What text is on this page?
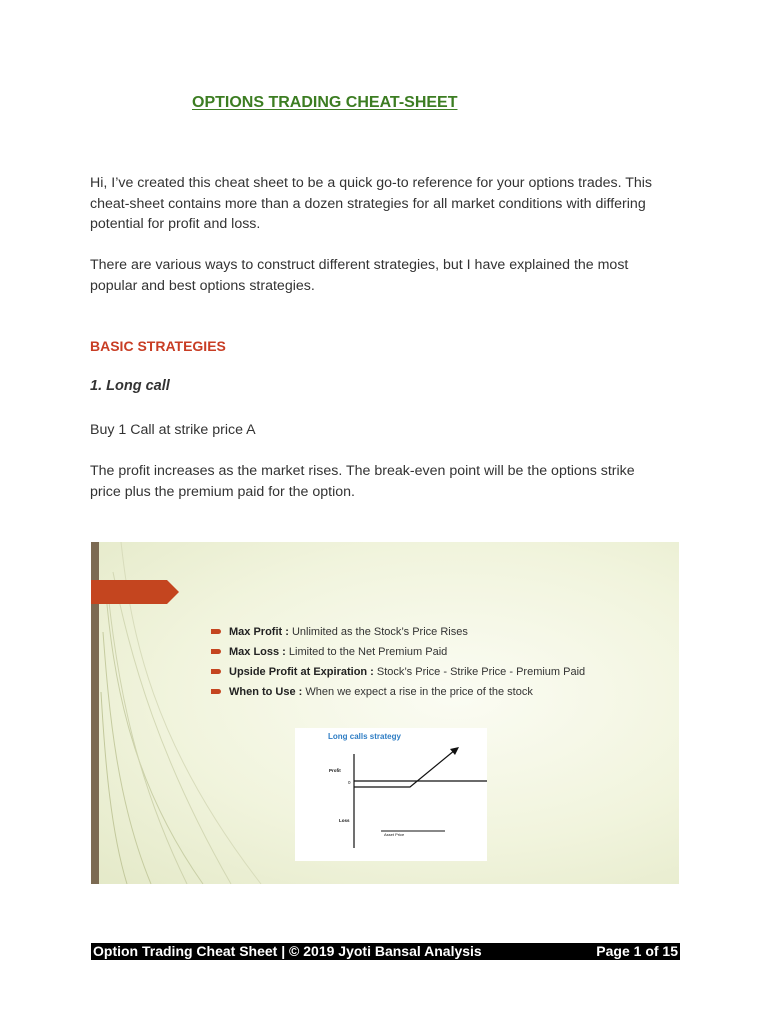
OPTIONS TRADING CHEAT-SHEET
Hi, I’ve created this cheat sheet to be a quick go-to reference for your options trades. This
cheat-sheet contains more than a dozen strategies for all market conditions with differing
potential for profit and loss.
There are various ways to construct different strategies, but I have explained the most
popular and best options strategies.
BASIC STRATEGIES
1. Long call
Buy 1 Call at strike price A
The profit increases as the market rises. The break-even point will be the options strike
price plus the premium paid for the option.
Max Profit : Unlimited as the Stock’s Price Rises
Max Loss : Limited to the Net Premium Paid
Upside Profit at Expiration : Stock’s Price - Strike Price - Premium Paid
When to Use : When we expect a rise in the price of the stock
Profit
0
Loss
Asset Price
Long calls strategy
Option Trading Cheat Sheet | © 2019 Jyoti Bansal Analysis	Page 1 of 15
